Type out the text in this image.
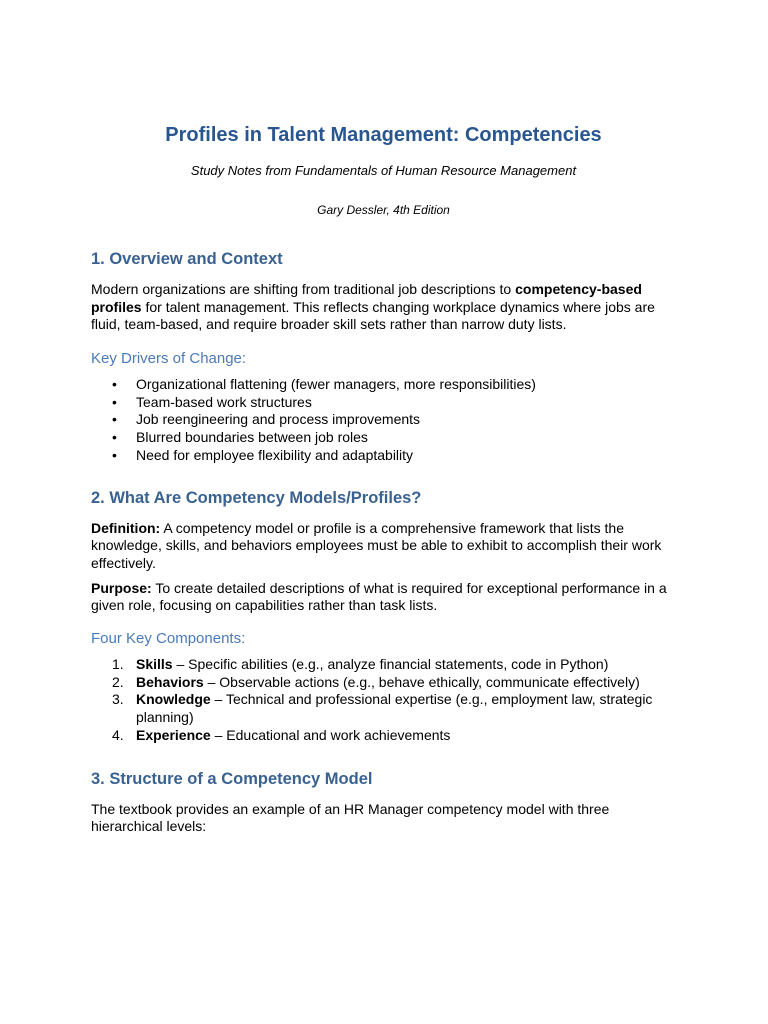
Profiles in Talent Management: Competencies
Study Notes from Fundamentals of Human Resource Management
Gary Dessler, 4th Edition
1. Overview and Context

Modern organizations are shifting from traditional job descriptions to competency-based profiles for talent management. This reflects changing workplace dynamics where jobs are fluid, team-based, and require broader skill sets rather than narrow duty lists.

Key Drivers of Change:
• Organizational flattening (fewer managers, more responsibilities)
• Team-based work structures
• Job reengineering and process improvements
• Blurred boundaries between job roles
• Need for employee flexibility and adaptability
2. What Are Competency Models/Profiles?

Definition: A competency model or profile is a comprehensive framework that lists the knowledge, skills, and behaviors employees must be able to exhibit to accomplish their work effectively.

Purpose: To create detailed descriptions of what is required for exceptional performance in a given role, focusing on capabilities rather than task lists.

Four Key Components:
1. Skills – Specific abilities (e.g., analyze financial statements, code in Python)
2. Behaviors – Observable actions (e.g., behave ethically, communicate effectively)
3. Knowledge – Technical and professional expertise (e.g., employment law, strategic planning)
4. Experience – Educational and work achievements
3. Structure of a Competency Model

The textbook provides an example of an HR Manager competency model with three hierarchical levels:
